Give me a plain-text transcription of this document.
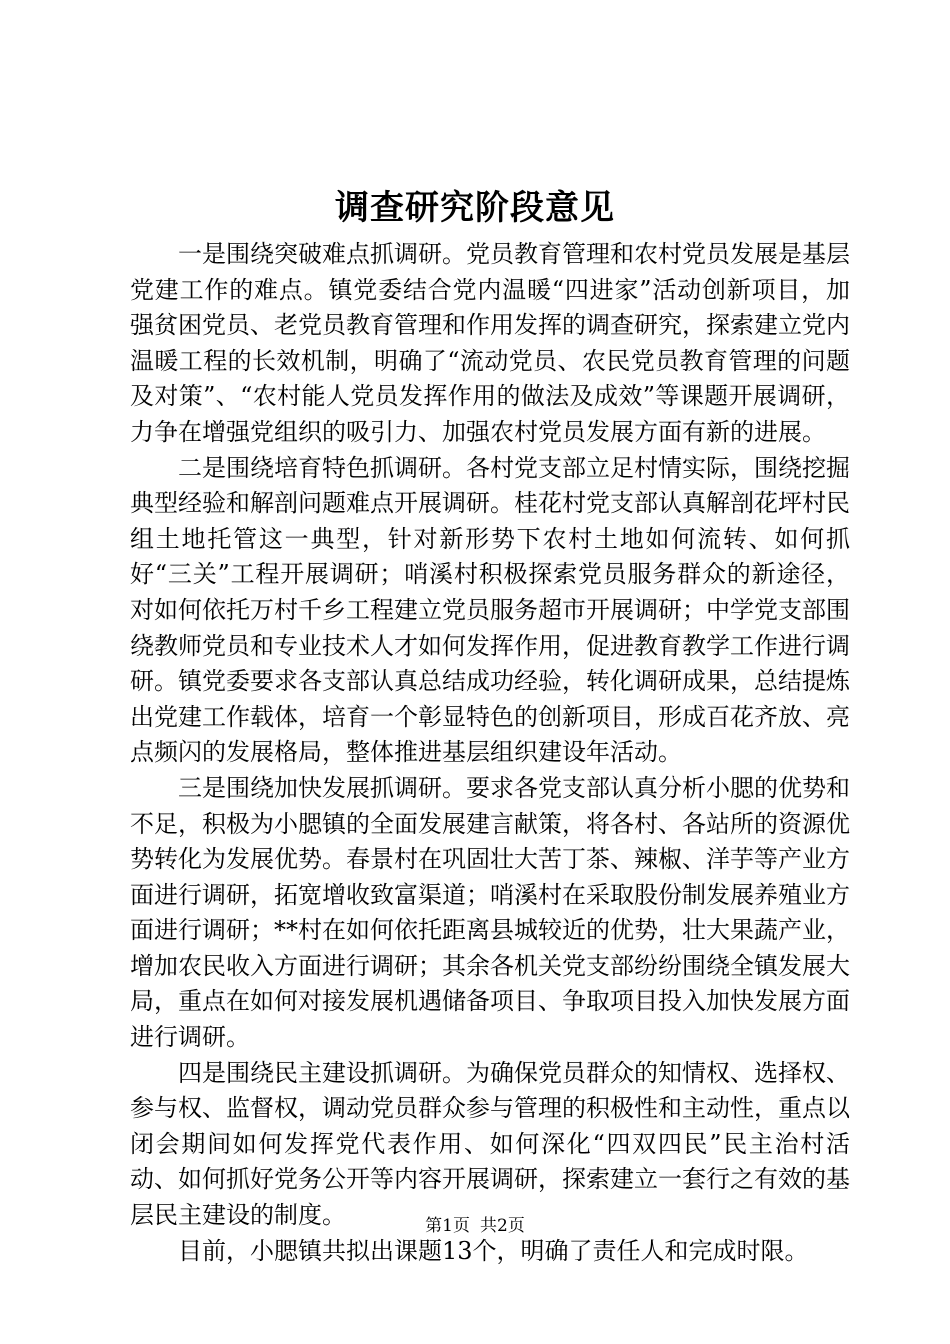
调查研究阶段意见

一是围绕突破难点抓调研。党员教育管理和农村党员发展是基层党建工作的难点。镇党委结合党内温暖“四进家”活动创新项目，加强贫困党员、老党员教育管理和作用发挥的调查研究，探索建立党内温暖工程的长效机制，明确了“流动党员、农民党员教育管理的问题及对策”、“农村能人党员发挥作用的做法及成效”等课题开展调研，力争在增强党组织的吸引力、加强农村党员发展方面有新的进展。

二是围绕培育特色抓调研。各村党支部立足村情实际，围绕挖掘典型经验和解剖问题难点开展调研。桂花村党支部认真解剖花坪村民组土地托管这一典型，针对新形势下农村土地如何流转、如何抓好“三关”工程开展调研；哨溪村积极探索党员服务群众的新途径，对如何依托万村千乡工程建立党员服务超市开展调研；中学党支部围绕教师党员和专业技术人才如何发挥作用，促进教育教学工作进行调研。镇党委要求各支部认真总结成功经验，转化调研成果，总结提炼出党建工作载体，培育一个彰显特色的创新项目，形成百花齐放、亮点频闪的发展格局，整体推进基层组织建设年活动。

三是围绕加快发展抓调研。要求各党支部认真分析小腮的优势和不足，积极为小腮镇的全面发展建言献策，将各村、各站所的资源优势转化为发展优势。春景村在巩固壮大苦丁茶、辣椒、洋芋等产业方面进行调研，拓宽增收致富渠道；哨溪村在采取股份制发展养殖业方面进行调研；**村在如何依托距离县城较近的优势，壮大果蔬产业，增加农民收入方面进行调研；其余各机关党支部纷纷围绕全镇发展大局，重点在如何对接发展机遇储备项目、争取项目投入加快发展方面进行调研。

四是围绕民主建设抓调研。为确保党员群众的知情权、选择权、参与权、监督权，调动党员群众参与管理的积极性和主动性，重点以闭会期间如何发挥党代表作用、如何深化“四双四民”民主治村活动、如何抓好党务公开等内容开展调研，探索建立一套行之有效的基层民主建设的制度。

目前，小腮镇共拟出课题13个，明确了责任人和完成时限。

第1页 共2页
